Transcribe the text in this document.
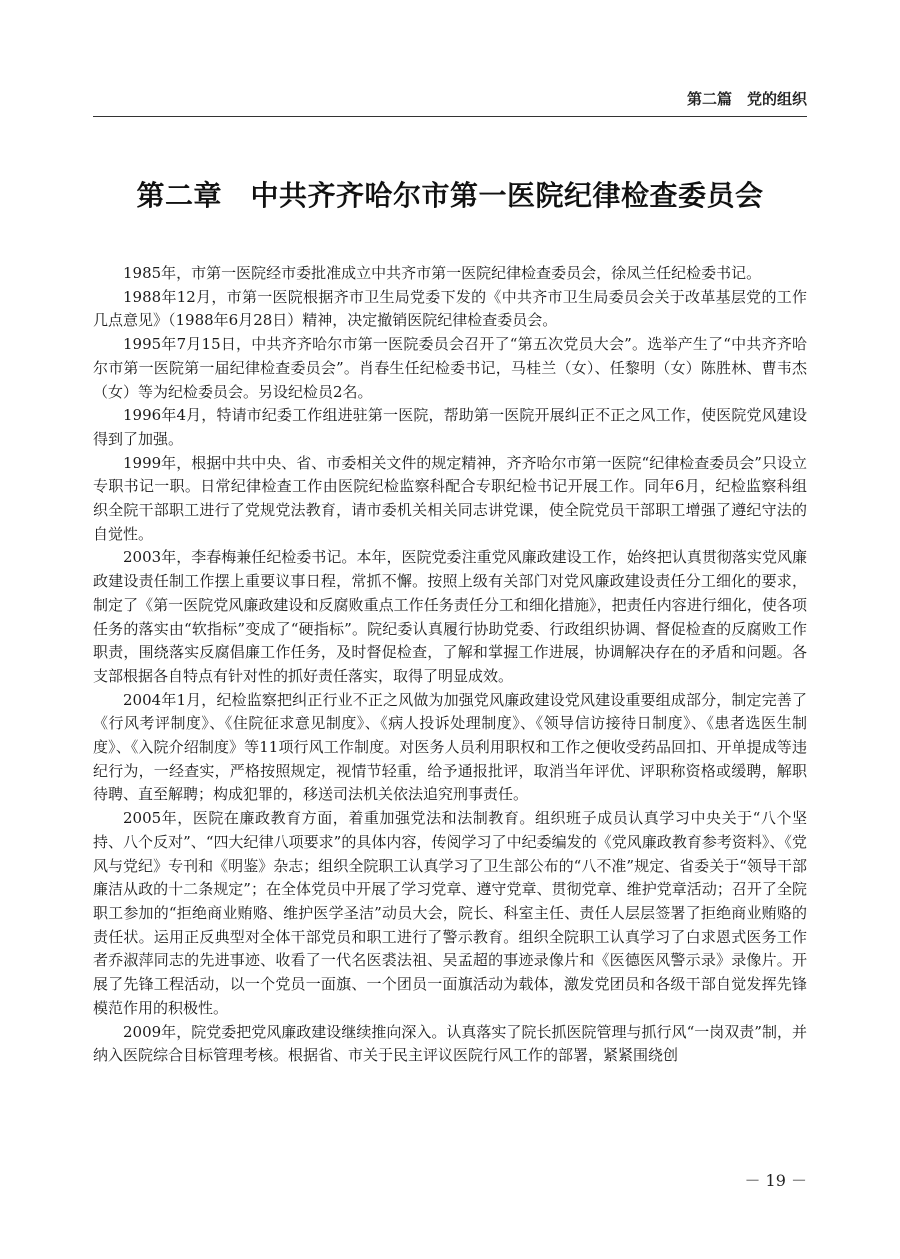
第二篇　党的组织
第二章　中共齐齐哈尔市第一医院纪律检查委员会

1985年，市第一医院经市委批准成立中共齐市第一医院纪律检查委员会，徐凤兰任纪检委书记。

1988年12月，市第一医院根据齐市卫生局党委下发的《中共齐市卫生局委员会关于改革基层党的工作几点意见》（1988年6月28日）精神，决定撤销医院纪律检查委员会。

1995年7月15日，中共齐齐哈尔市第一医院委员会召开了“第五次党员大会”。选举产生了“中共齐齐哈尔市第一医院第一届纪律检查委员会”。肖春生任纪检委书记，马桂兰（女）、任黎明（女）陈胜林、曹韦杰（女）等为纪检委员会。另设纪检员2名。

1996年4月，特请市纪委工作组进驻第一医院，帮助第一医院开展纠正不正之风工作，使医院党风建设得到了加强。

1999年，根据中共中央、省、市委相关文件的规定精神，齐齐哈尔市第一医院“纪律检查委员会”只设立专职书记一职。日常纪律检查工作由医院纪检监察科配合专职纪检书记开展工作。同年6月，纪检监察科组织全院干部职工进行了党规党法教育，请市委机关相关同志讲党课，使全院党员干部职工增强了遵纪守法的自觉性。

2003年，李春梅兼任纪检委书记。本年，医院党委注重党风廉政建设工作，始终把认真贯彻落实党风廉政建设责任制工作摆上重要议事日程，常抓不懈。按照上级有关部门对党风廉政建设责任分工细化的要求，制定了《第一医院党风廉政建设和反腐败重点工作任务责任分工和细化措施》，把责任内容进行细化，使各项任务的落实由“软指标”变成了“硬指标”。院纪委认真履行协助党委、行政组织协调、督促检查的反腐败工作职责，围绕落实反腐倡廉工作任务，及时督促检查，了解和掌握工作进展，协调解决存在的矛盾和问题。各支部根据各自特点有针对性的抓好责任落实，取得了明显成效。

2004年1月，纪检监察把纠正行业不正之风做为加强党风廉政建设党风建设重要组成部分，制定完善了《行风考评制度》、《住院征求意见制度》、《病人投诉处理制度》、《领导信访接待日制度》、《患者选医生制度》、《入院介绍制度》等11项行风工作制度。对医务人员利用职权和工作之便收受药品回扣、开单提成等违纪行为，一经查实，严格按照规定，视情节轻重，给予通报批评，取消当年评优、评职称资格或缓聘，解职待聘、直至解聘；构成犯罪的，移送司法机关依法追究刑事责任。

2005年，医院在廉政教育方面，着重加强党法和法制教育。组织班子成员认真学习中央关于“八个坚持、八个反对”、“四大纪律八项要求”的具体内容，传阅学习了中纪委编发的《党风廉政教育参考资料》、《党风与党纪》专刊和《明鉴》杂志；组织全院职工认真学习了卫生部公布的“八不准”规定、省委关于“领导干部廉洁从政的十二条规定”；在全体党员中开展了学习党章、遵守党章、贯彻党章、维护党章活动；召开了全院职工参加的“拒绝商业贿赂、维护医学圣洁”动员大会，院长、科室主任、责任人层层签署了拒绝商业贿赂的责任状。运用正反典型对全体干部党员和职工进行了警示教育。组织全院职工认真学习了白求恩式医务工作者乔淑萍同志的先进事迹、收看了一代名医裘法祖、吴孟超的事迹录像片和《医德医风警示录》录像片。开展了先锋工程活动，以一个党员一面旗、一个团员一面旗活动为载体，激发党团员和各级干部自觉发挥先锋模范作用的积极性。

2009年，院党委把党风廉政建设继续推向深入。认真落实了院长抓医院管理与抓行风“一岗双责”制，并纳入医院综合目标管理考核。根据省、市关于民主评议医院行风工作的部署，紧紧围绕创

－ 19 －
